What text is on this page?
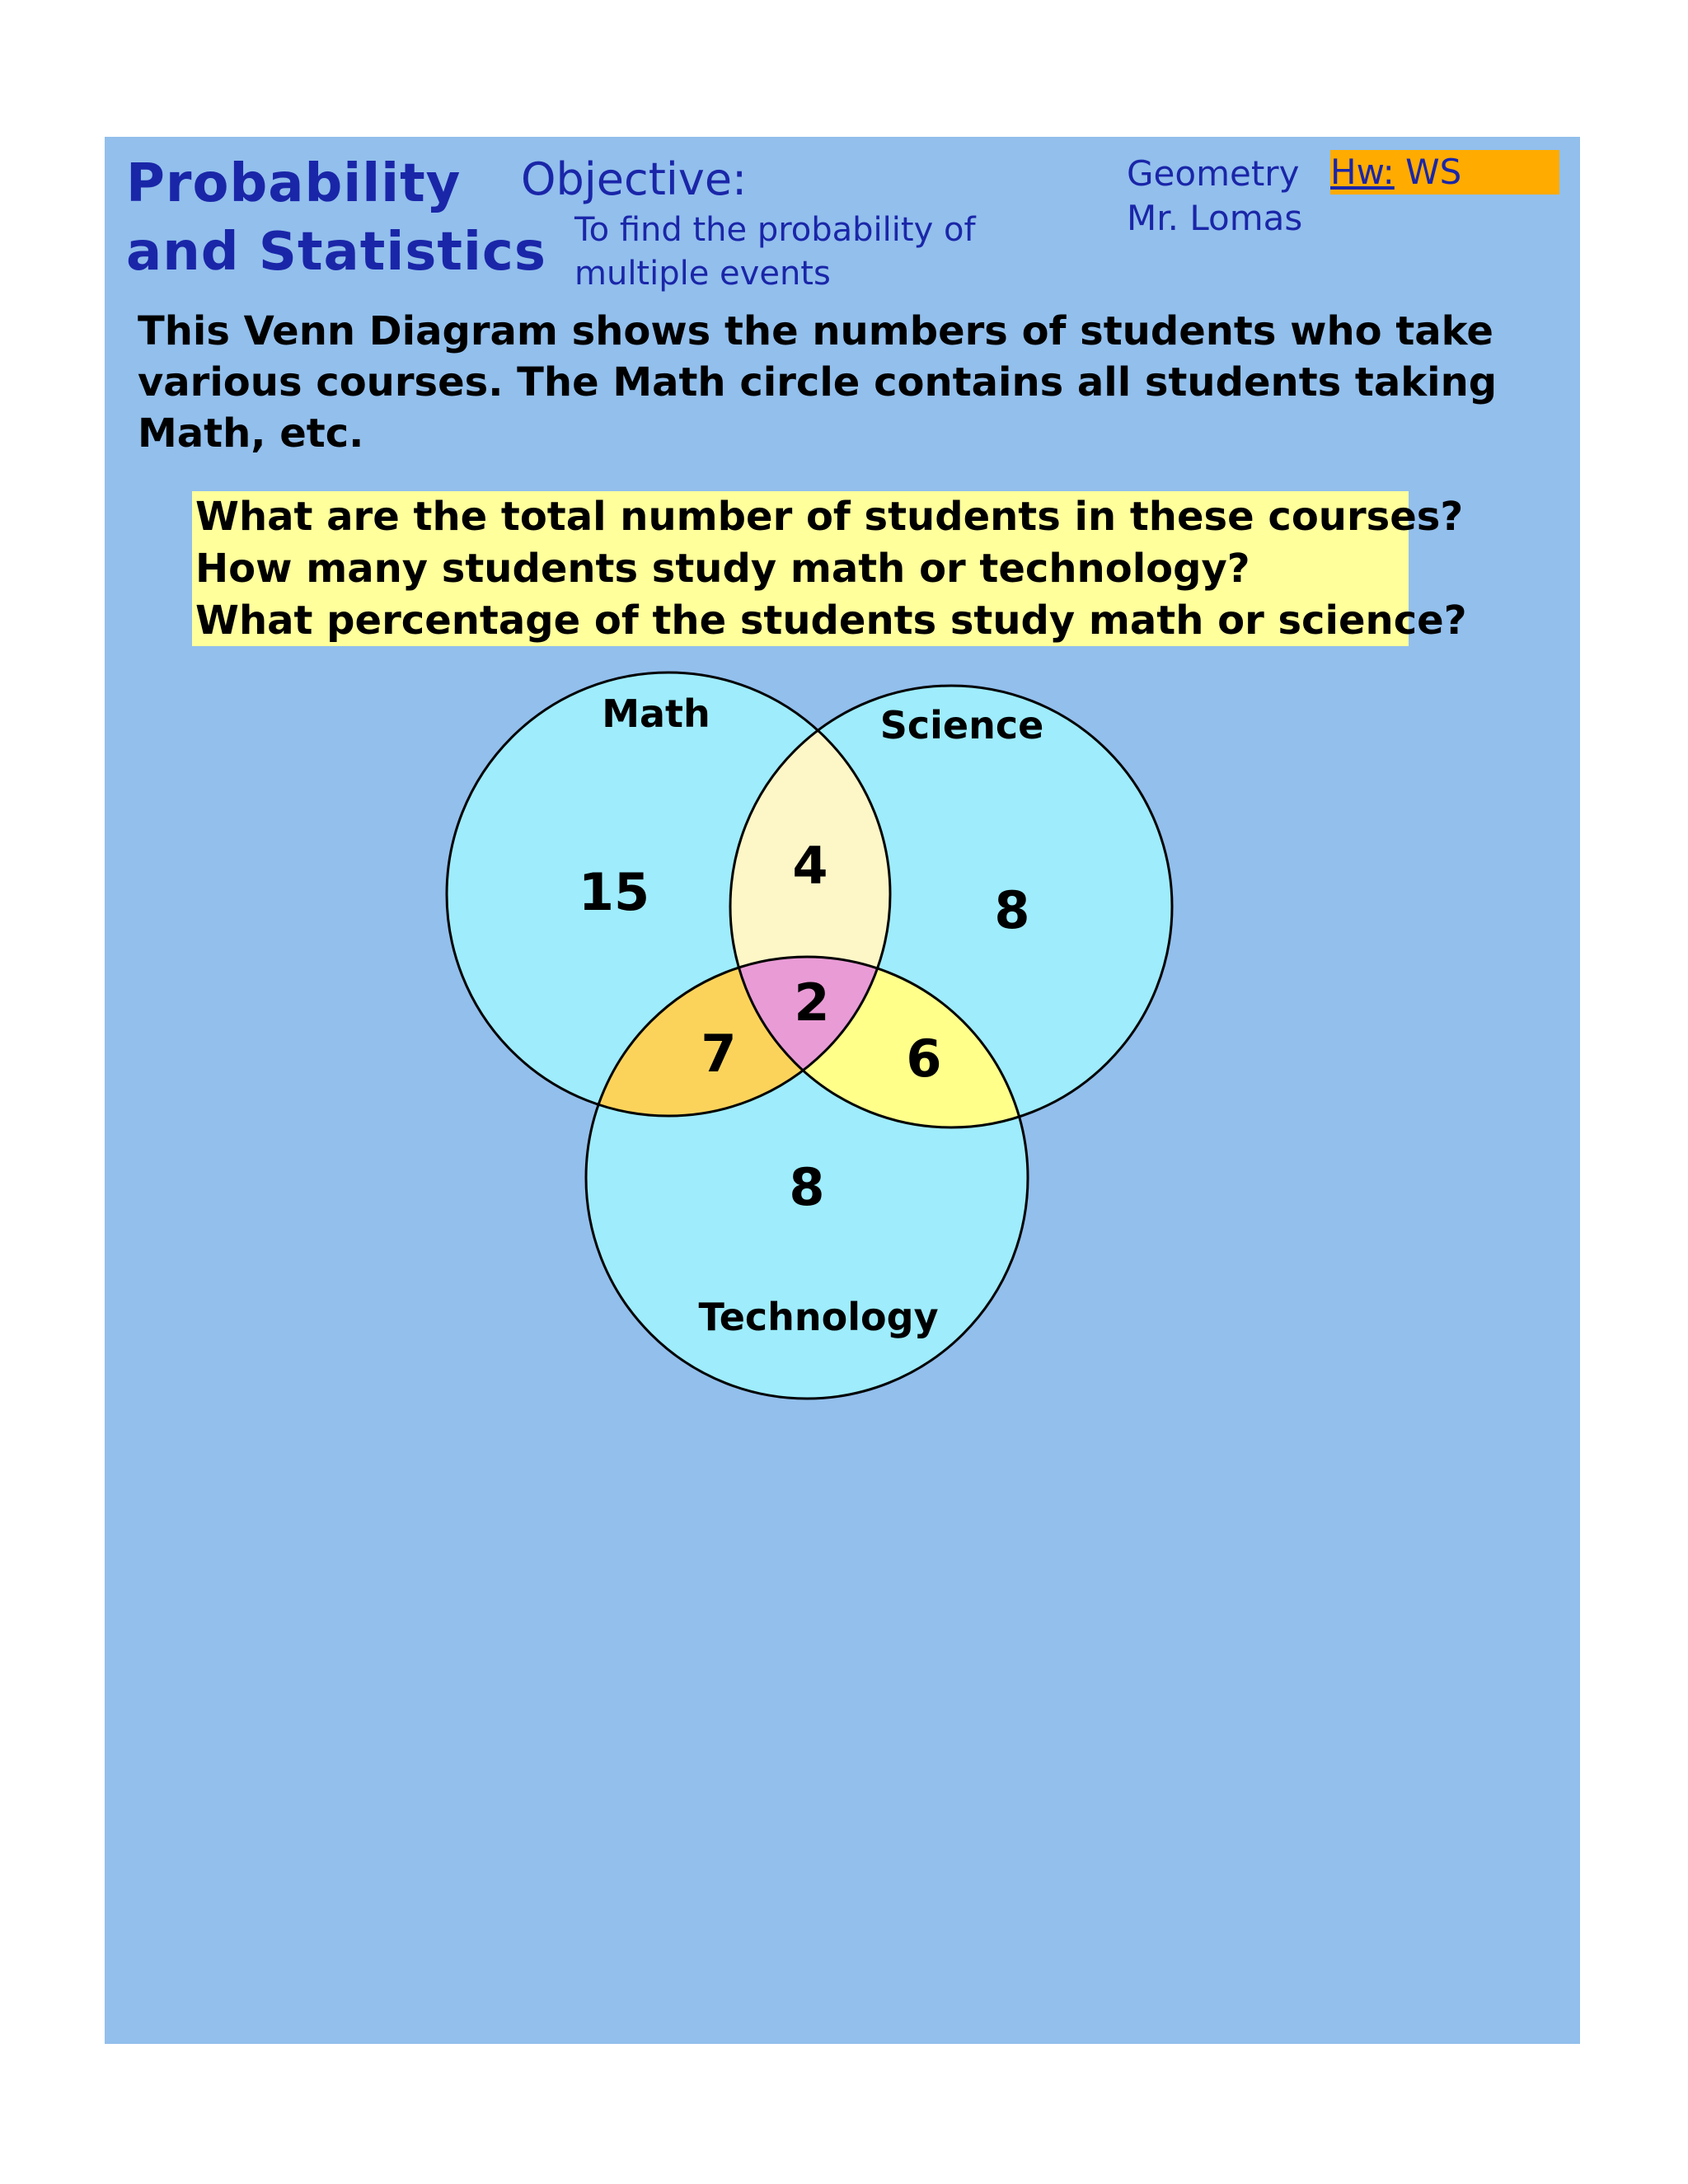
Probability
and Statistics
Objective:
To find the probability of
multiple events
Geometry
Mr. Lomas
Hw: WS
This Venn Diagram shows the numbers of students who take various courses. The Math circle contains all students taking Math, etc.
What are the total number of students in these courses?
How many students study math or technology?
What percentage of the students study math or science?
Math	Science
Technology
15	4
8
2
7	6
8
